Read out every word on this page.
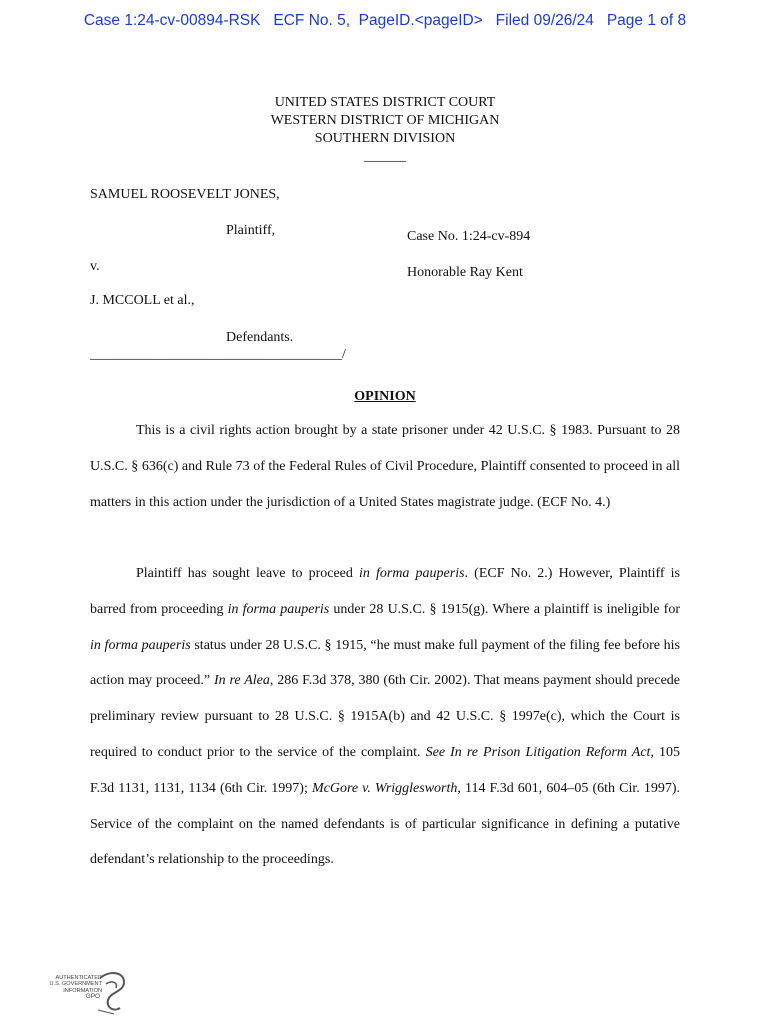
Case 1:24-cv-00894-RSK   ECF No. 5,  PageID.<pageID>   Filed 09/26/24   Page 1 of 8
UNITED STATES DISTRICT COURT
WESTERN DISTRICT OF MICHIGAN
SOUTHERN DIVISION
______
SAMUEL ROOSEVELT JONES,
Plaintiff,	Case No. 1:24-cv-894
v.	Honorable Ray Kent
J. MCCOLL et al.,
Defendants.
____________________________________/
OPINION

This is a civil rights action brought by a state prisoner under 42 U.S.C. § 1983. Pursuant to 28 U.S.C. § 636(c) and Rule 73 of the Federal Rules of Civil Procedure, Plaintiff consented to proceed in all matters in this action under the jurisdiction of a United States magistrate judge. (ECF No. 4.)

Plaintiff has sought leave to proceed in forma pauperis. (ECF No. 2.) However, Plaintiff is barred from proceeding in forma pauperis under 28 U.S.C. § 1915(g). Where a plaintiff is ineligible for in forma pauperis status under 28 U.S.C. § 1915, “he must make full payment of the filing fee before his action may proceed.” In re Alea, 286 F.3d 378, 380 (6th Cir. 2002). That means payment should precede preliminary review pursuant to 28 U.S.C. § 1915A(b) and 42 U.S.C. § 1997e(c), which the Court is required to conduct prior to the service of the complaint. See In re Prison Litigation Reform Act, 105 F.3d 1131, 1131, 1134 (6th Cir. 1997); McGore v. Wrigglesworth, 114 F.3d 601, 604–05 (6th Cir. 1997). Service of the complaint on the named defendants is of particular significance in defining a putative defendant’s relationship to the proceedings.

AUTHENTICATED
U.S. GOVERNMENT
INFORMATION
GPO
